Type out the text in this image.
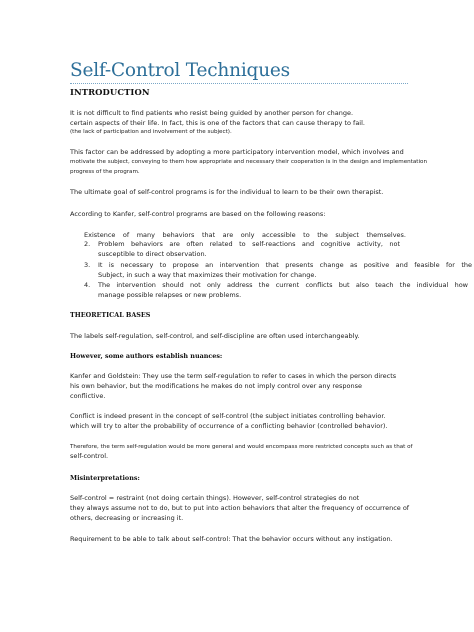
Self-Control Techniques
INTRODUCTION
It is not difficult to find patients who resist being guided by another person for change.
certain aspects of their life. In fact, this is one of the factors that can cause therapy to fail.
(the lack of participation and involvement of the subject).
This factor can be addressed by adopting a more participatory intervention model, which involves and
motivate the subject, conveying to them how appropriate and necessary their cooperation is in the design and implementation
progress of the program.
The ultimate goal of self-control programs is for the individual to learn to be their own therapist.
According to Kanfer, self-control programs are based on the following reasons:
Existence of many behaviors that are only accessible to the subject themselves.
2. Problem behaviors are often related to self-reactions and cognitive activity, not
susceptible to direct observation.
3. It is necessary to propose an intervention that presents change as positive and feasible for the
Subject, in such a way that maximizes their motivation for change.
4. The intervention should not only address the current conflicts but also teach the individual how
manage possible relapses or new problems.
THEORETICAL BASES
The labels self-regulation, self-control, and self-discipline are often used interchangeably.
However, some authors establish nuances:
Kanfer and Goldstein: They use the term self-regulation to refer to cases in which the person directs
his own behavior, but the modifications he makes do not imply control over any response
conflictive.
Conflict is indeed present in the concept of self-control (the subject initiates controlling behavior.
which will try to alter the probability of occurrence of a conflicting behavior (controlled behavior).
Therefore, the term self-regulation would be more general and would encompass more restricted concepts such as that of
self-control.
Misinterpretations:
Self-control = restraint (not doing certain things). However, self-control strategies do not
they always assume not to do, but to put into action behaviors that alter the frequency of occurrence of
others, decreasing or increasing it.
Requirement to be able to talk about self-control: That the behavior occurs without any instigation.
